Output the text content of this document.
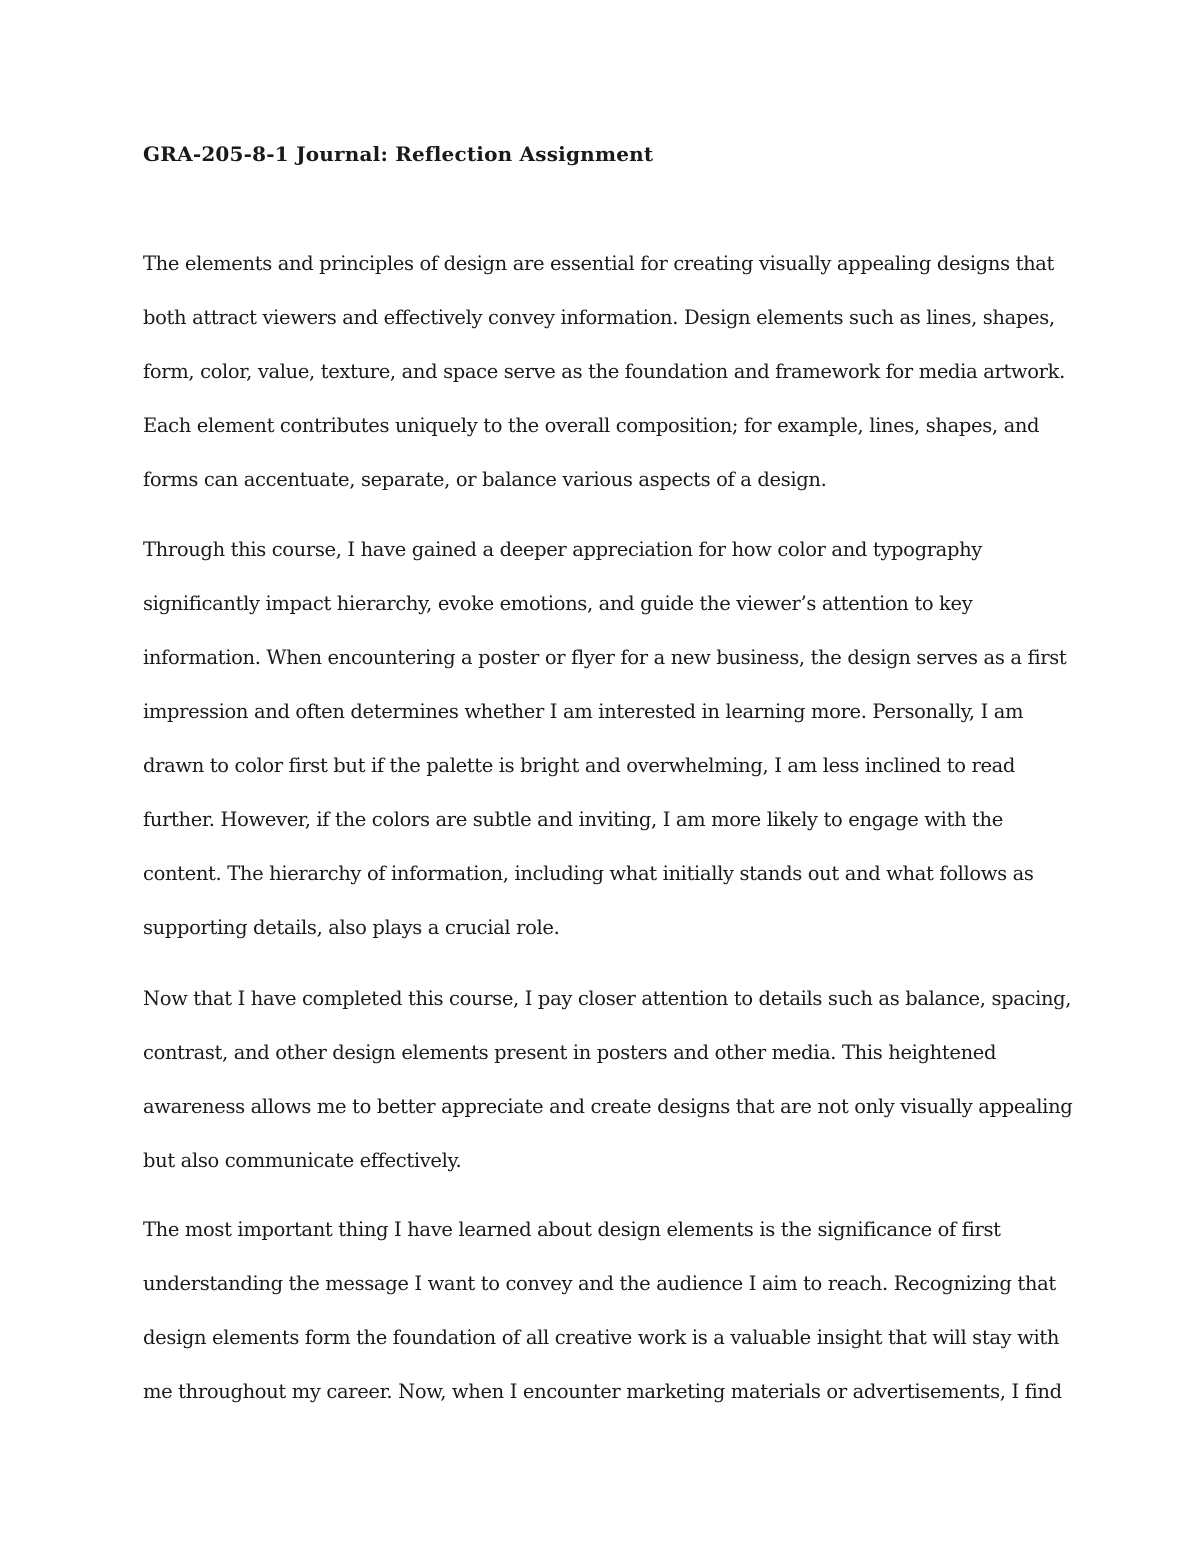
GRA-205-8-1 Journal: Reflection Assignment
The elements and principles of design are essential for creating visually appealing designs that
both attract viewers and effectively convey information. Design elements such as lines, shapes,
form, color, value, texture, and space serve as the foundation and framework for media artwork.
Each element contributes uniquely to the overall composition; for example, lines, shapes, and
forms can accentuate, separate, or balance various aspects of a design.
Through this course, I have gained a deeper appreciation for how color and typography
significantly impact hierarchy, evoke emotions, and guide the viewer’s attention to key
information. When encountering a poster or flyer for a new business, the design serves as a first
impression and often determines whether I am interested in learning more. Personally, I am
drawn to color first but if the palette is bright and overwhelming, I am less inclined to read
further. However, if the colors are subtle and inviting, I am more likely to engage with the
content. The hierarchy of information, including what initially stands out and what follows as
supporting details, also plays a crucial role.
Now that I have completed this course, I pay closer attention to details such as balance, spacing,
contrast, and other design elements present in posters and other media. This heightened
awareness allows me to better appreciate and create designs that are not only visually appealing
but also communicate effectively.
The most important thing I have learned about design elements is the significance of first
understanding the message I want to convey and the audience I aim to reach. Recognizing that
design elements form the foundation of all creative work is a valuable insight that will stay with
me throughout my career. Now, when I encounter marketing materials or advertisements, I find
